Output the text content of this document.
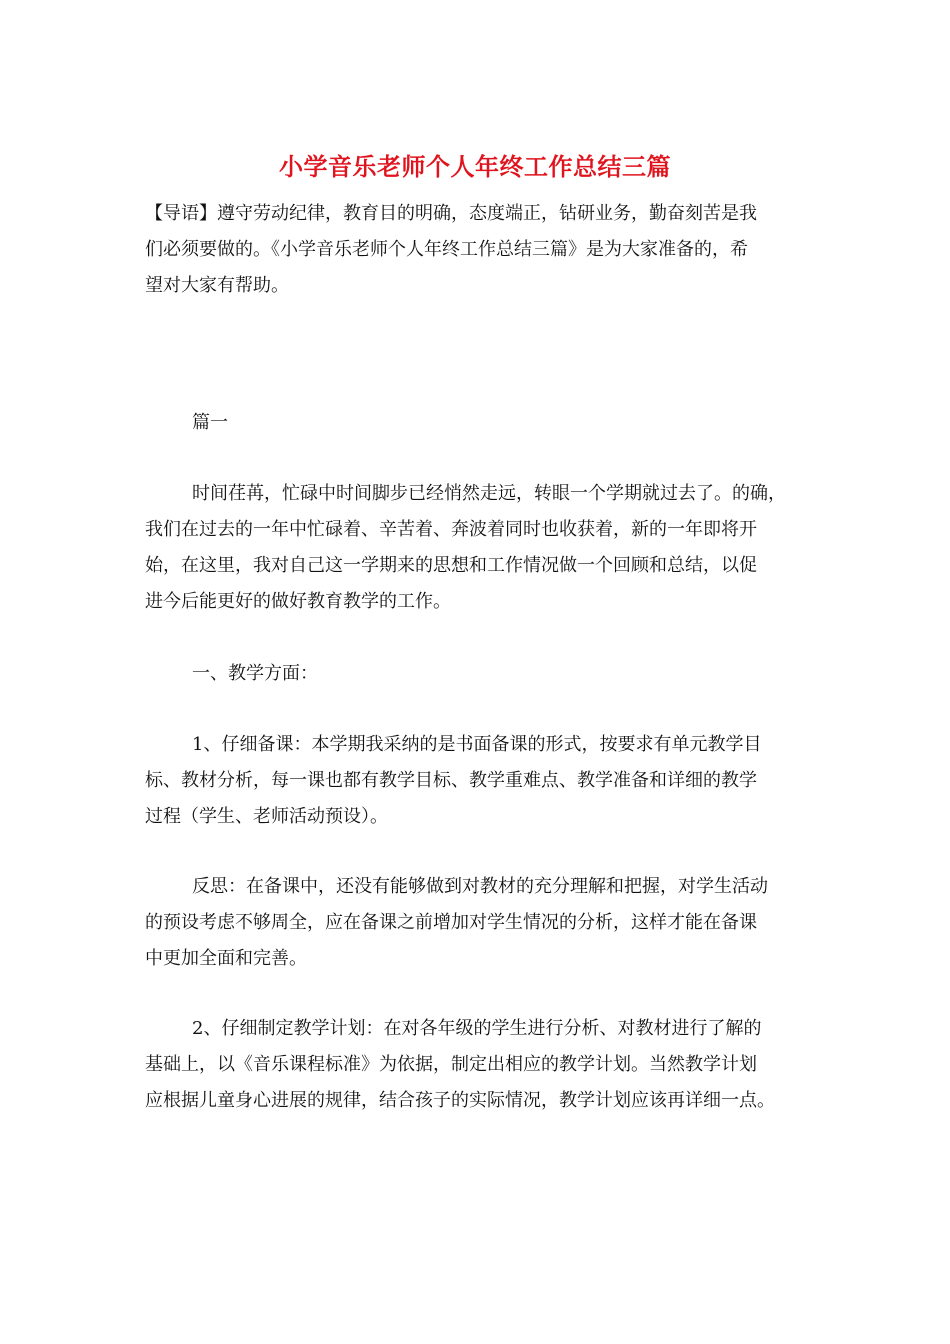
小学音乐老师个人年终工作总结三篇

【导语】遵守劳动纪律，教育目的明确，态度端正，钻研业务，勤奋刻苦是我
们必须要做的。《小学音乐老师个人年终工作总结三篇》是为大家准备的，希
望对大家有帮助。

篇一

时间荏苒，忙碌中时间脚步已经悄然走远，转眼一个学期就过去了。的确，
我们在过去的一年中忙碌着、辛苦着、奔波着同时也收获着，新的一年即将开
始，在这里，我对自己这一学期来的思想和工作情况做一个回顾和总结，以促
进今后能更好的做好教育教学的工作。

一、教学方面：

1、仔细备课：本学期我采纳的是书面备课的形式，按要求有单元教学目
标、教材分析，每一课也都有教学目标、教学重难点、教学准备和详细的教学
过程（学生、老师活动预设）。

反思：在备课中，还没有能够做到对教材的充分理解和把握，对学生活动
的预设考虑不够周全，应在备课之前增加对学生情况的分析，这样才能在备课
中更加全面和完善。

2、仔细制定教学计划：在对各年级的学生进行分析、对教材进行了解的
基础上，以《音乐课程标准》为依据，制定出相应的教学计划。当然教学计划
应根据儿童身心进展的规律，结合孩子的实际情况，教学计划应该再详细一点。
